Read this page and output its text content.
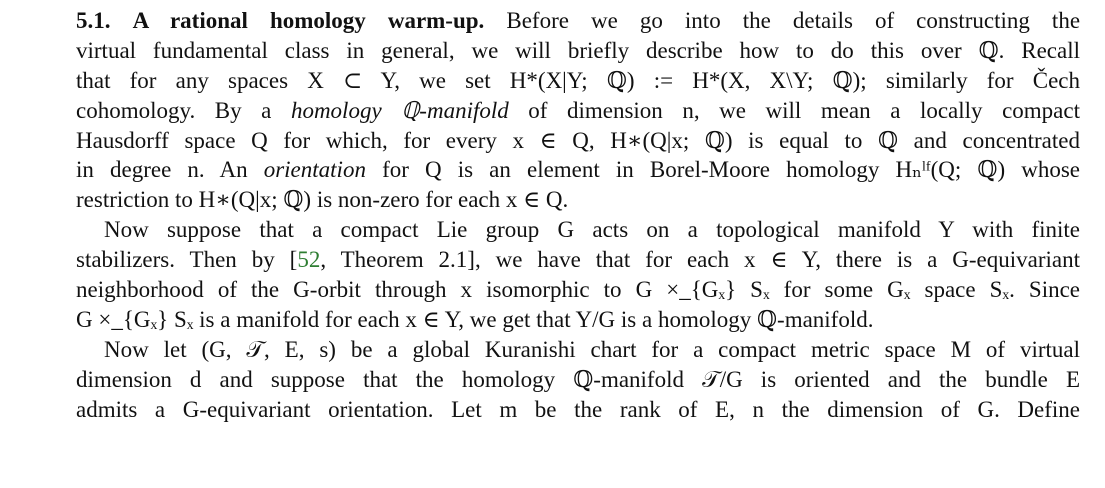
5.1. A rational homology warm-up. Before we go into the details of constructing the
virtual fundamental class in general, we will briefly describe how to do this over ℚ. Recall
that for any spaces X ⊂ Y, we set H*(X|Y; ℚ) := H*(X, X\Y; ℚ); similarly for Čech
cohomology. By a homology ℚ-manifold of dimension n, we will mean a locally compact
Hausdorff space Q for which, for every x ∈ Q, H∗(Q|x; ℚ) is equal to ℚ and concentrated
in degree n. An orientation for Q is an element in Borel-Moore homology Hₙˡᶠ(Q; ℚ) whose
restriction to H∗(Q|x; ℚ) is non-zero for each x ∈ Q.
Now suppose that a compact Lie group G acts on a topological manifold Y with finite
stabilizers. Then by [52, Theorem 2.1], we have that for each x ∈ Y, there is a G-equivariant
neighborhood of the G-orbit through x isomorphic to G ×_{Gₓ} Sₓ for some Gₓ space Sₓ. Since
G ×_{Gₓ} Sₓ is a manifold for each x ∈ Y, we get that Y/G is a homology ℚ-manifold.
Now let (G, 𝒯, E, s) be a global Kuranishi chart for a compact metric space M of virtual
dimension d and suppose that the homology ℚ-manifold 𝒯/G is oriented and the bundle E
admits a G-equivariant orientation. Let m be the rank of E, n the dimension of G. Define
